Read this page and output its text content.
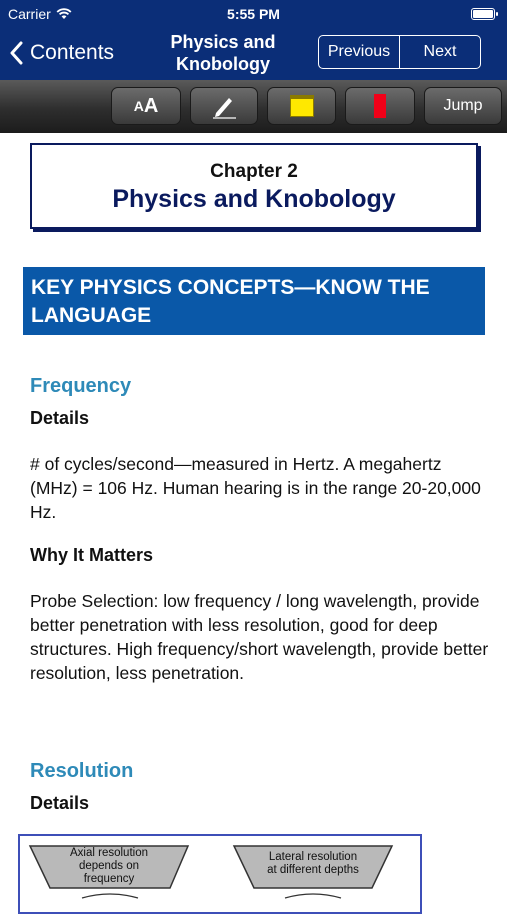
Carrier	5:55 PM
Contents	Physics and Knobology
Previous	Next
A A	Jump
Chapter 2
Physics and Knobology
KEY PHYSICS CONCEPTS—KNOW THE LANGUAGE
Frequency
Details
# of cycles/second—measured in Hertz. A megahertz (MHz) = 106 Hz. Human hearing is in the range 20-20,000 Hz.
Why It Matters
Probe Selection: low frequency / long wavelength, provide better penetration with less resolution, good for deep structures. High frequency/short wavelength, provide better resolution, less penetration.
Resolution
Details
Axial resolution
depends on
frequency
Lateral resolution
at different depths
